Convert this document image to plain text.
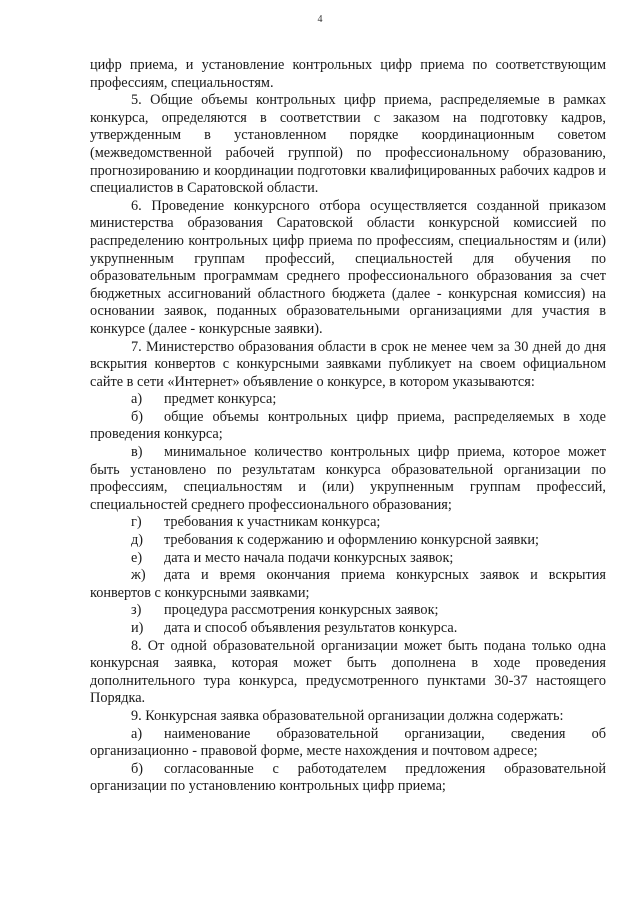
4

цифр приема, и установление контрольных цифр приема по соответствующим профессиям, специальностям.

5. Общие объемы контрольных цифр приема, распределяемые в рамках конкурса, определяются в соответствии с заказом на подготовку кадров, утвержденным в установленном порядке координационным советом (межведомственной рабочей группой) по профессиональному образованию, прогнозированию и координации подготовки квалифицированных рабочих кадров и специалистов в Саратовской области.

6. Проведение конкурсного отбора осуществляется созданной приказом министерства образования Саратовской области конкурсной комиссией по распределению контрольных цифр приема по профессиям, специальностям и (или) укрупненным группам профессий, специальностей для обучения по образовательным программам среднего профессионального образования за счет бюджетных ассигнований областного бюджета (далее - конкурсная комиссия) на основании заявок, поданных образовательными организациями для участия в конкурсе (далее - конкурсные заявки).

7. Министерство образования области в срок не менее чем за 30 дней до дня вскрытия конвертов с конкурсными заявками публикует на своем официальном сайте в сети «Интернет» объявление о конкурсе, в котором указываются:

а) предмет конкурса;

б) общие объемы контрольных цифр приема, распределяемых в ходе проведения конкурса;

в) минимальное количество контрольных цифр приема, которое может быть установлено по результатам конкурса образовательной организации по профессиям, специальностям и (или) укрупненным группам профессий, специальностей среднего профессионального образования;

г) требования к участникам конкурса;

д) требования к содержанию и оформлению конкурсной заявки;

е) дата и место начала подачи конкурсных заявок;

ж) дата и время окончания приема конкурсных заявок и вскрытия конвертов с конкурсными заявками;

з) процедура рассмотрения конкурсных заявок;

и) дата и способ объявления результатов конкурса.

8. От одной образовательной организации может быть подана только одна конкурсная заявка, которая может быть дополнена в ходе проведения дополнительного тура конкурса, предусмотренного пунктами 30-37 настоящего Порядка.

9. Конкурсная заявка образовательной организации должна содержать:

а) наименование образовательной организации, сведения об организационно - правовой форме, месте нахождения и почтовом адресе;

б) согласованные с работодателем предложения образовательной организации по установлению контрольных цифр приема;
